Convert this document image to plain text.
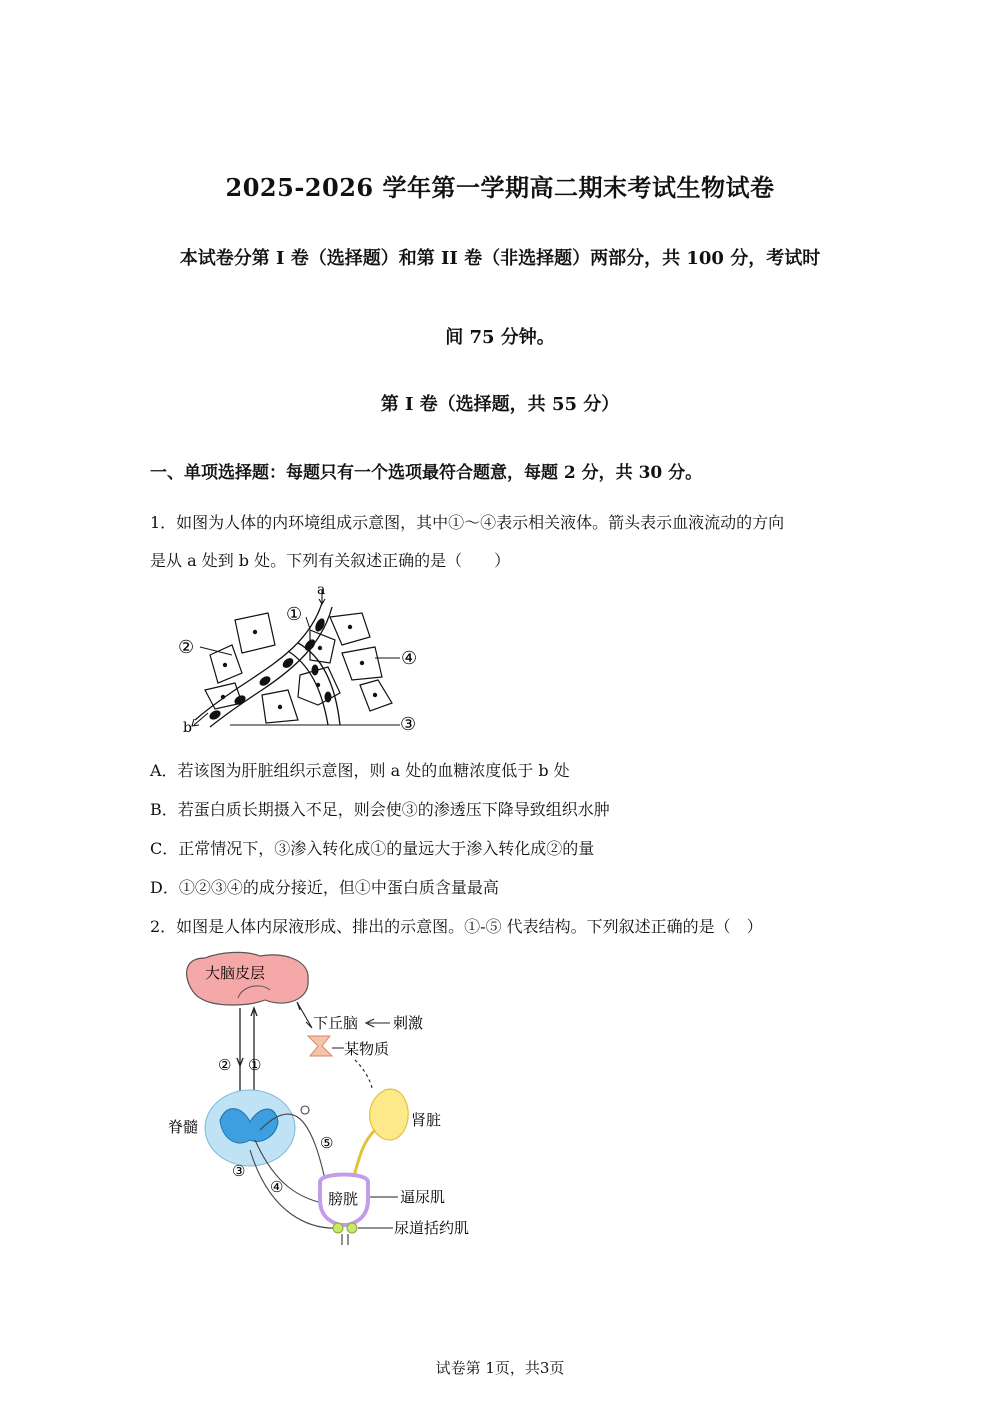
2025-2026 学年第一学期高二期末考试生物试卷
本试卷分第 I 卷（选择题）和第 II 卷（非选择题）两部分，共 100 分，考试时
间 75 分钟。
第 I 卷（选择题，共 55 分）
一、单项选择题：每题只有一个选项最符合题意，每题 2 分，共 30 分。
1．如图为人体的内环境组成示意图，其中①～④表示相关液体。箭头表示血液流动的方向
是从 a 处到 b 处。下列有关叙述正确的是（　　）
a
b
①
②
③
④
A．若该图为肝脏组织示意图，则 a 处的血糖浓度低于 b 处
B．若蛋白质长期摄入不足，则会使③的渗透压下降导致组织水肿
C．正常情况下，③渗入转化成①的量远大于渗入转化成②的量
D．①②③④的成分接近，但①中蛋白质含量最高
2．如图是人体内尿液形成、排出的示意图。①-⑤ 代表结构。下列叙述正确的是（　）
大脑皮层
② ①
下丘脑 刺激
某物质
脊髓
③
肾脏
⑤
④
膀胱	逼尿肌
尿道括约肌
试卷第 1页，共3页
